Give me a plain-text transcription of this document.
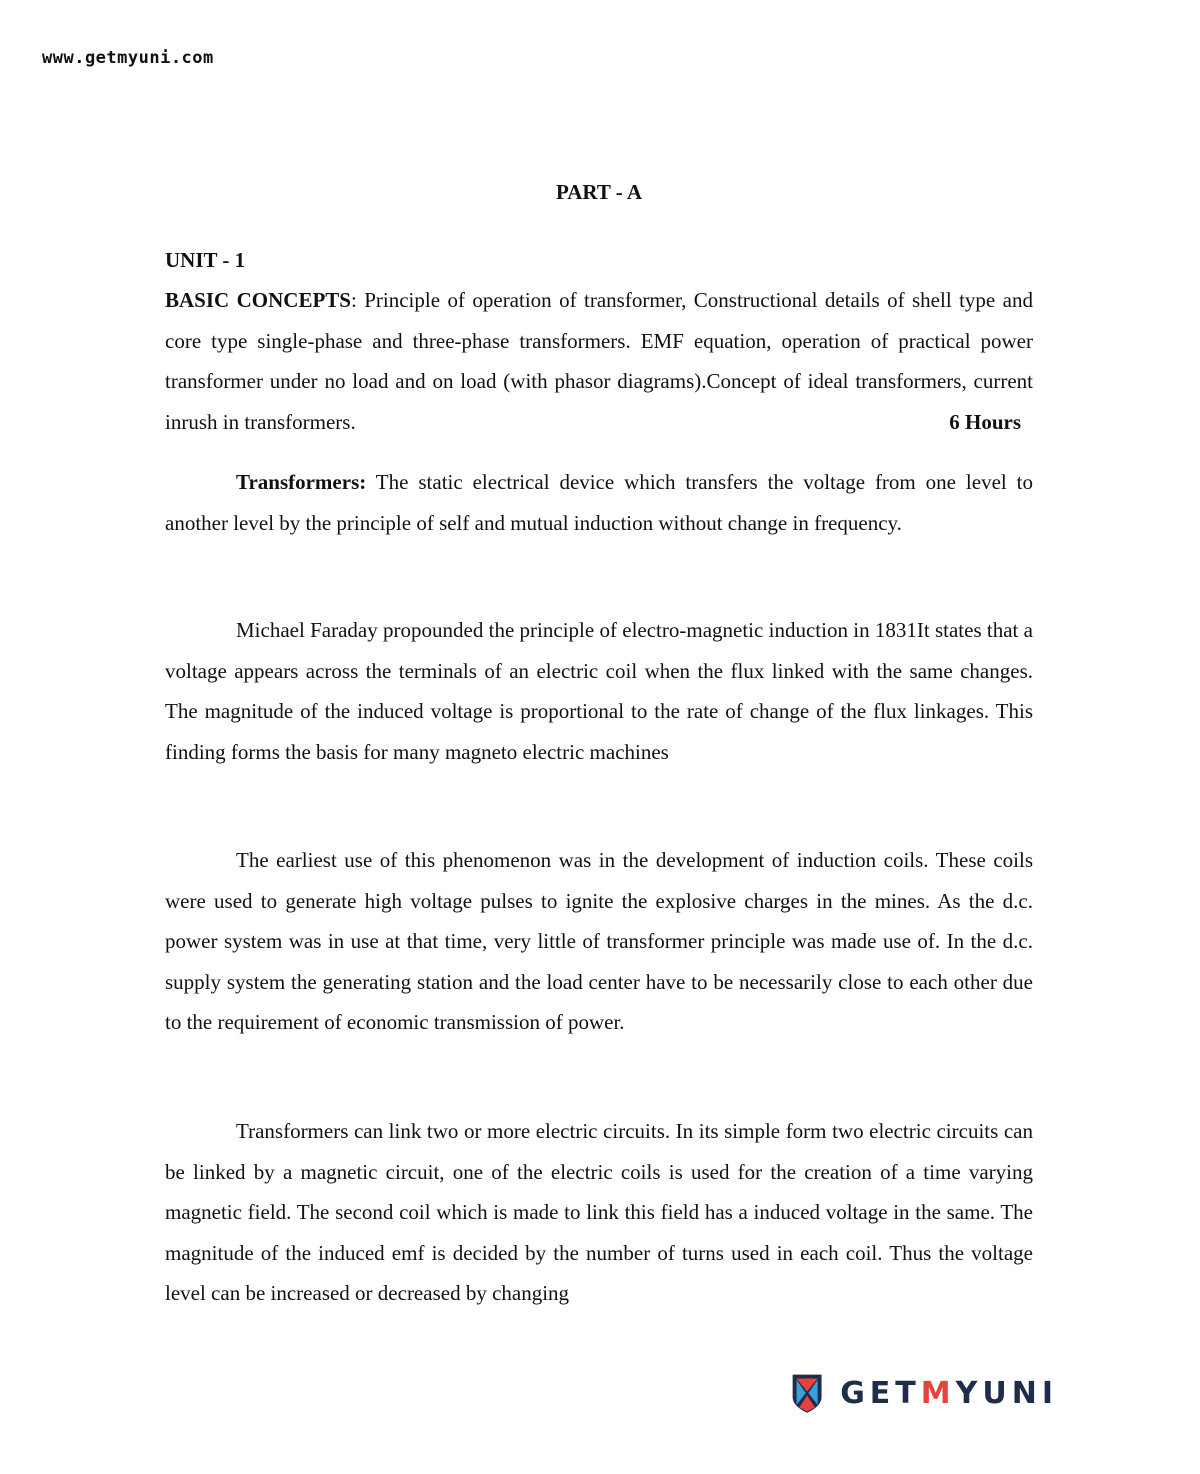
www.getmyuni.com
PART - A
UNIT - 1
BASIC CONCEPTS: Principle of operation of transformer, Constructional details of shell type and core type single-phase and three-phase transformers. EMF equation, operation of practical power transformer under no load and on load (with phasor diagrams).Concept of ideal transformers, current inrush in transformers.	6 Hours

Transformers: The static electrical device which transfers the voltage from one level to another level by the principle of self and mutual induction without change in frequency.

Michael Faraday propounded the principle of electro-magnetic induction in 1831It states that a voltage appears across the terminals of an electric coil when the flux linked with the same changes. The magnitude of the induced voltage is proportional to the rate of change of the flux linkages. This finding forms the basis for many magneto electric machines

The earliest use of this phenomenon was in the development of induction coils. These coils were used to generate high voltage pulses to ignite the explosive charges in the mines. As the d.c. power system was in use at that time, very little of transformer principle was made use of. In the d.c. supply system the generating station and the load center have to be necessarily close to each other due to the requirement of economic transmission of power.

Transformers can link two or more electric circuits. In its simple form two electric circuits can be linked by a magnetic circuit, one of the electric coils is used for the creation of a time varying magnetic field. The second coil which is made to link this field has a induced voltage in the same. The magnitude of the induced emf is decided by the number of turns used in each coil. Thus the voltage level can be increased or decreased by changing

GETMYUNI
